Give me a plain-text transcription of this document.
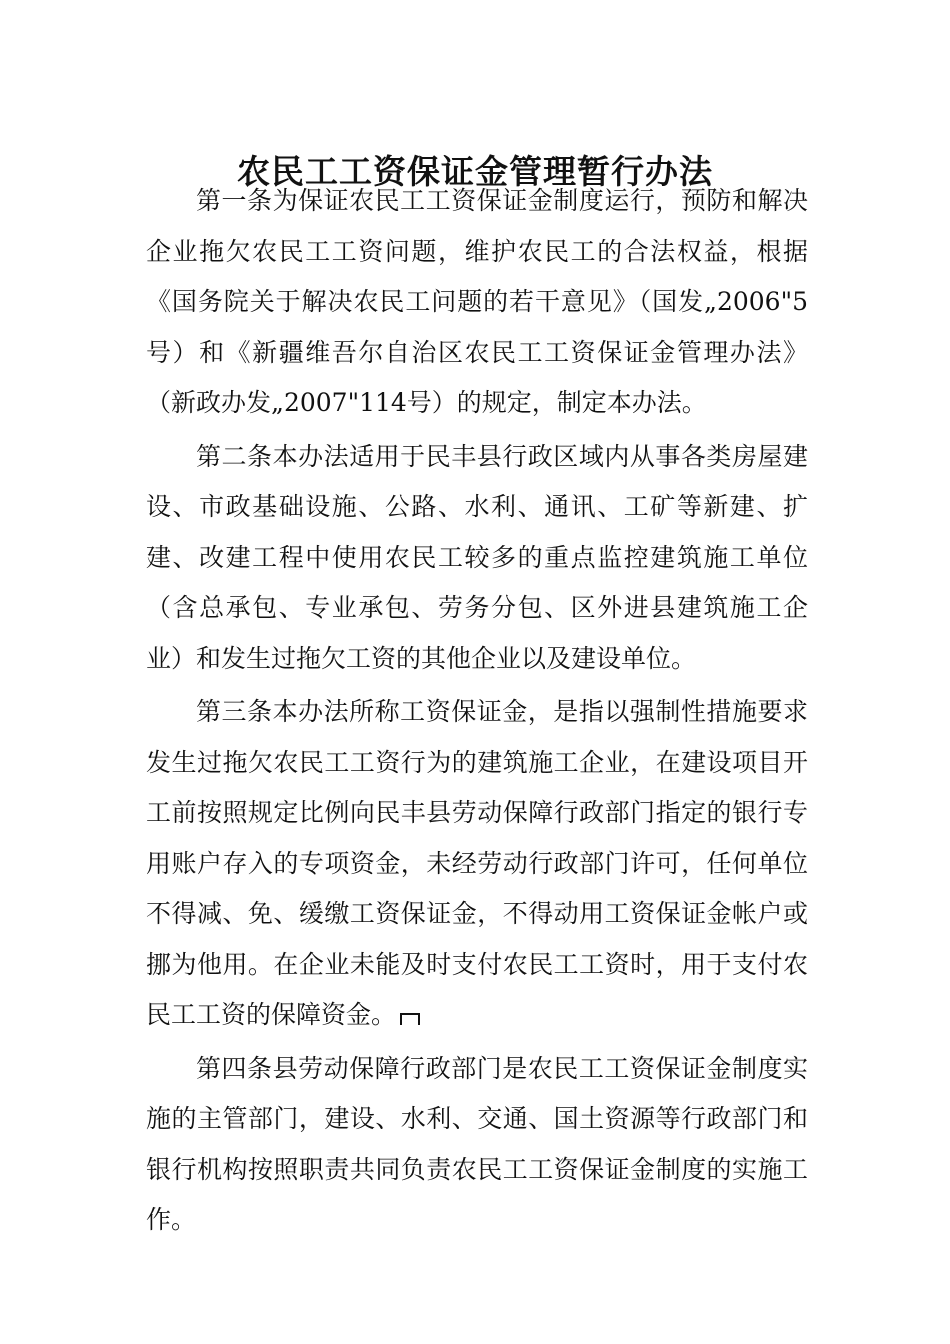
农民工工资保证金管理暂行办法

第一条为保证农民工工资保证金制度运行，预防和解决企业拖欠农民工工资问题，维护农民工的合法权益，根据《国务院关于解决农民工问题的若干意见》（国发„2006"5号）和《新疆维吾尔自治区农民工工资保证金管理办法》（新政办发„2007"114号）的规定，制定本办法。

第二条本办法适用于民丰县行政区域内从事各类房屋建设、市政基础设施、公路、水利、通讯、工矿等新建、扩建、改建工程中使用农民工较多的重点监控建筑施工单位（含总承包、专业承包、劳务分包、区外进县建筑施工企业）和发生过拖欠工资的其他企业以及建设单位。

第三条本办法所称工资保证金，是指以强制性措施要求发生过拖欠农民工工资行为的建筑施工企业，在建设项目开工前按照规定比例向民丰县劳动保障行政部门指定的银行专用账户存入的专项资金，未经劳动行政部门许可，任何单位不得减、免、缓缴工资保证金，不得动用工资保证金帐户或挪为他用。在企业未能及时支付农民工工资时，用于支付农民工工资的保障资金。

第四条县劳动保障行政部门是农民工工资保证金制度实施的主管部门，建设、水利、交通、国土资源等行政部门和银行机构按照职责共同负责农民工工资保证金制度的实施工作。
